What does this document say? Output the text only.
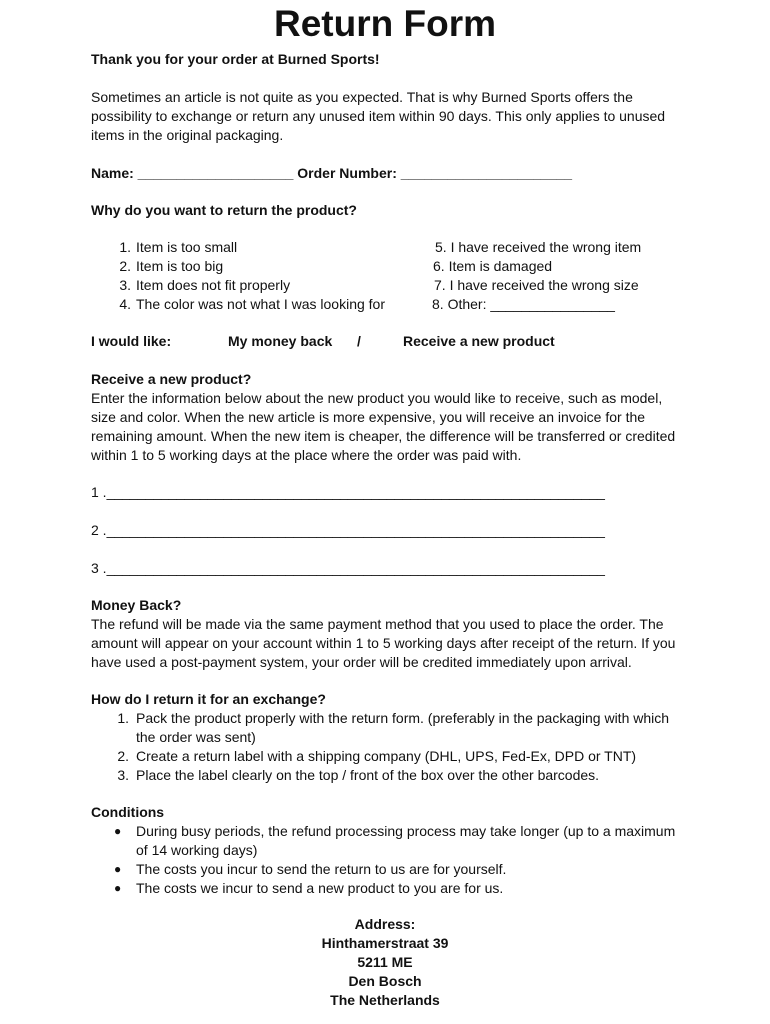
Return Form

Thank you for your order at Burned Sports!

Sometimes an article is not quite as you expected. That is why Burned Sports offers the possibility to exchange or return any unused item within 90 days. This only applies to unused items in the original packaging.

Name: ____________________ Order Number: ______________________

Why do you want to return the product?

1. Item is too small
2. Item is too big
3. Item does not fit properly
4. The color was not what I was looking for
5. I have received the wrong item
6. Item is damaged
7. I have received the wrong size
8. Other: ________________
I would like:	My money back /	Receive a new product

Receive a new product?

Enter the information below about the new product you would like to receive, such as model, size and color. When the new article is more expensive, you will receive an invoice for the remaining amount. When the new item is cheaper, the difference will be transferred or credited within 1 to 5 working days at the place where the order was paid with.

1 .________________________________________________________________
2 .________________________________________________________________
3 .________________________________________________________________

Money Back?

The refund will be made via the same payment method that you used to place the order. The amount will appear on your account within 1 to 5 working days after receipt of the return. If you have used a post-payment system, your order will be credited immediately upon arrival.

How do I return it for an exchange?

1. Pack the product properly with the return form. (preferably in the packaging with which the order was sent)
2. Create a return label with a shipping company (DHL, UPS, Fed-Ex, DPD or TNT)
3. Place the label clearly on the top / front of the box over the other barcodes.

Conditions

● During busy periods, the refund processing process may take longer (up to a maximum of 14 working days)
● The costs you incur to send the return to us are for yourself.
● The costs we incur to send a new product to you are for us.
Address:
Hinthamerstraat 39
5211 ME
Den Bosch
The Netherlands
